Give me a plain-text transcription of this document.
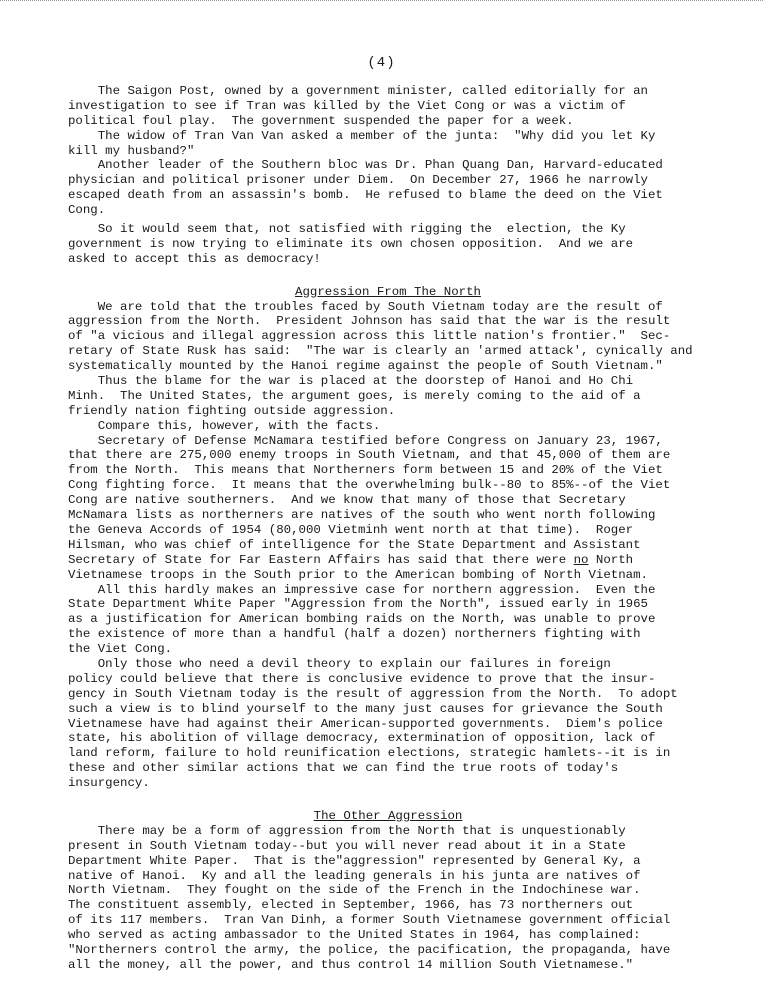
(4)
The Saigon Post, owned by a government minister, called editorially for an
investigation to see if Tran was killed by the Viet Cong or was a victim of
political foul play.  The government suspended the paper for a week.
The widow of Tran Van Van asked a member of the junta:  "Why did you let Ky
kill my husband?"
Another leader of the Southern bloc was Dr. Phan Quang Dan, Harvard-educated
physician and political prisoner under Diem.  On December 27, 1966 he narrowly
escaped death from an assassin's bomb.  He refused to blame the deed on the Viet
Cong.
So it would seem that, not satisfied with rigging the  election, the Ky
government is now trying to eliminate its own chosen opposition.  And we are
asked to accept this as democracy!
Aggression From The North
We are told that the troubles faced by South Vietnam today are the result of
aggression from the North.  President Johnson has said that the war is the result
of "a vicious and illegal aggression across this little nation's frontier."  Sec-
retary of State Rusk has said:  "The war is clearly an 'armed attack', cynically and
systematically mounted by the Hanoi regime against the people of South Vietnam."
Thus the blame for the war is placed at the doorstep of Hanoi and Ho Chi
Minh.  The United States, the argument goes, is merely coming to the aid of a
friendly nation fighting outside aggression.
Compare this, however, with the facts.
Secretary of Defense McNamara testified before Congress on January 23, 1967,
that there are 275,000 enemy troops in South Vietnam, and that 45,000 of them are
from the North.  This means that Northerners form between 15 and 20% of the Viet
Cong fighting force.  It means that the overwhelming bulk--80 to 85%--of the Viet
Cong are native southerners.  And we know that many of those that Secretary
McNamara lists as northerners are natives of the south who went north following
the Geneva Accords of 1954 (80,000 Vietminh went north at that time).  Roger
Hilsman, who was chief of intelligence for the State Department and Assistant
Secretary of State for Far Eastern Affairs has said that there were no North
Vietnamese troops in the South prior to the American bombing of North Vietnam.
All this hardly makes an impressive case for northern aggression.  Even the
State Department White Paper "Aggression from the North", issued early in 1965
as a justification for American bombing raids on the North, was unable to prove
the existence of more than a handful (half a dozen) northerners fighting with
the Viet Cong.
Only those who need a devil theory to explain our failures in foreign
policy could believe that there is conclusive evidence to prove that the insur-
gency in South Vietnam today is the result of aggression from the North.  To adopt
such a view is to blind yourself to the many just causes for grievance the South
Vietnamese have had against their American-supported governments.  Diem's police
state, his abolition of village democracy, extermination of opposition, lack of
land reform, failure to hold reunification elections, strategic hamlets--it is in
these and other similar actions that we can find the true roots of today's
insurgency.
The Other Aggression
There may be a form of aggression from the North that is unquestionably
present in South Vietnam today--but you will never read about it in a State
Department White Paper.  That is the"aggression" represented by General Ky, a
native of Hanoi.  Ky and all the leading generals in his junta are natives of
North Vietnam.  They fought on the side of the French in the Indochinese war.
The constituent assembly, elected in September, 1966, has 73 northerners out
of its 117 members.  Tran Van Dinh, a former South Vietnamese government official
who served as acting ambassador to the United States in 1964, has complained:
"Northerners control the army, the police, the pacification, the propaganda, have
all the money, all the power, and thus control 14 million South Vietnamese."
